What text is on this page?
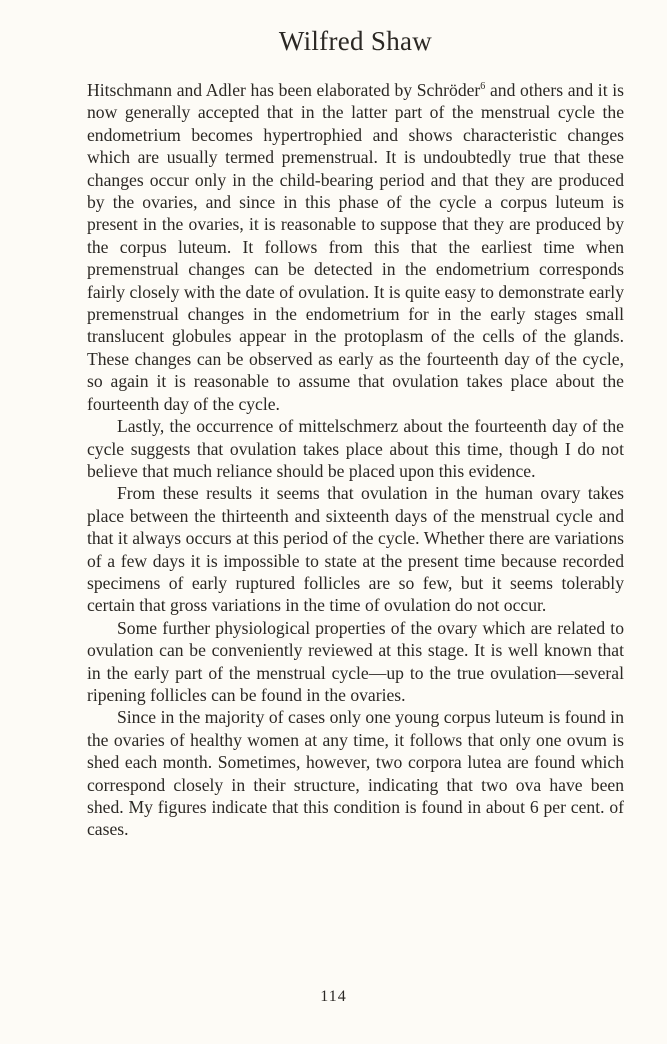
Wilfred Shaw

Hitschmann and Adler has been elaborated by Schröder$^6$ and others and it is now generally accepted that in the latter part of the menstrual cycle the endometrium becomes hypertrophied and shows characteristic changes which are usually termed premenstrual. It is undoubtedly true that these changes occur only in the child-bearing period and that they are produced by the ovaries, and since in this phase of the cycle a corpus luteum is present in the ovaries, it is reasonable to suppose that they are produced by the corpus luteum. It follows from this that the earliest time when premenstrual changes can be detected in the endometrium corresponds fairly closely with the date of ovulation. It is quite easy to demonstrate early premenstrual changes in the endometrium for in the early stages small translucent globules appear in the protoplasm of the cells of the glands. These changes can be observed as early as the fourteenth day of the cycle, so again it is reasonable to assume that ovulation takes place about the fourteenth day of the cycle.

Lastly, the occurrence of mittelschmerz about the fourteenth day of the cycle suggests that ovulation takes place about this time, though I do not believe that much reliance should be placed upon this evidence.

From these results it seems that ovulation in the human ovary takes place between the thirteenth and sixteenth days of the menstrual cycle and that it always occurs at this period of the cycle. Whether there are variations of a few days it is impossible to state at the present time because recorded specimens of early ruptured follicles are so few, but it seems tolerably certain that gross variations in the time of ovulation do not occur.

Some further physiological properties of the ovary which are related to ovulation can be conveniently reviewed at this stage. It is well known that in the early part of the menstrual cycle—up to the true ovulation—several ripening follicles can be found in the ovaries.

Since in the majority of cases only one young corpus luteum is found in the ovaries of healthy women at any time, it follows that only one ovum is shed each month. Sometimes, however, two corpora lutea are found which correspond closely in their structure, indicating that two ova have been shed. My figures indicate that this condition is found in about 6 per cent. of cases.

114
